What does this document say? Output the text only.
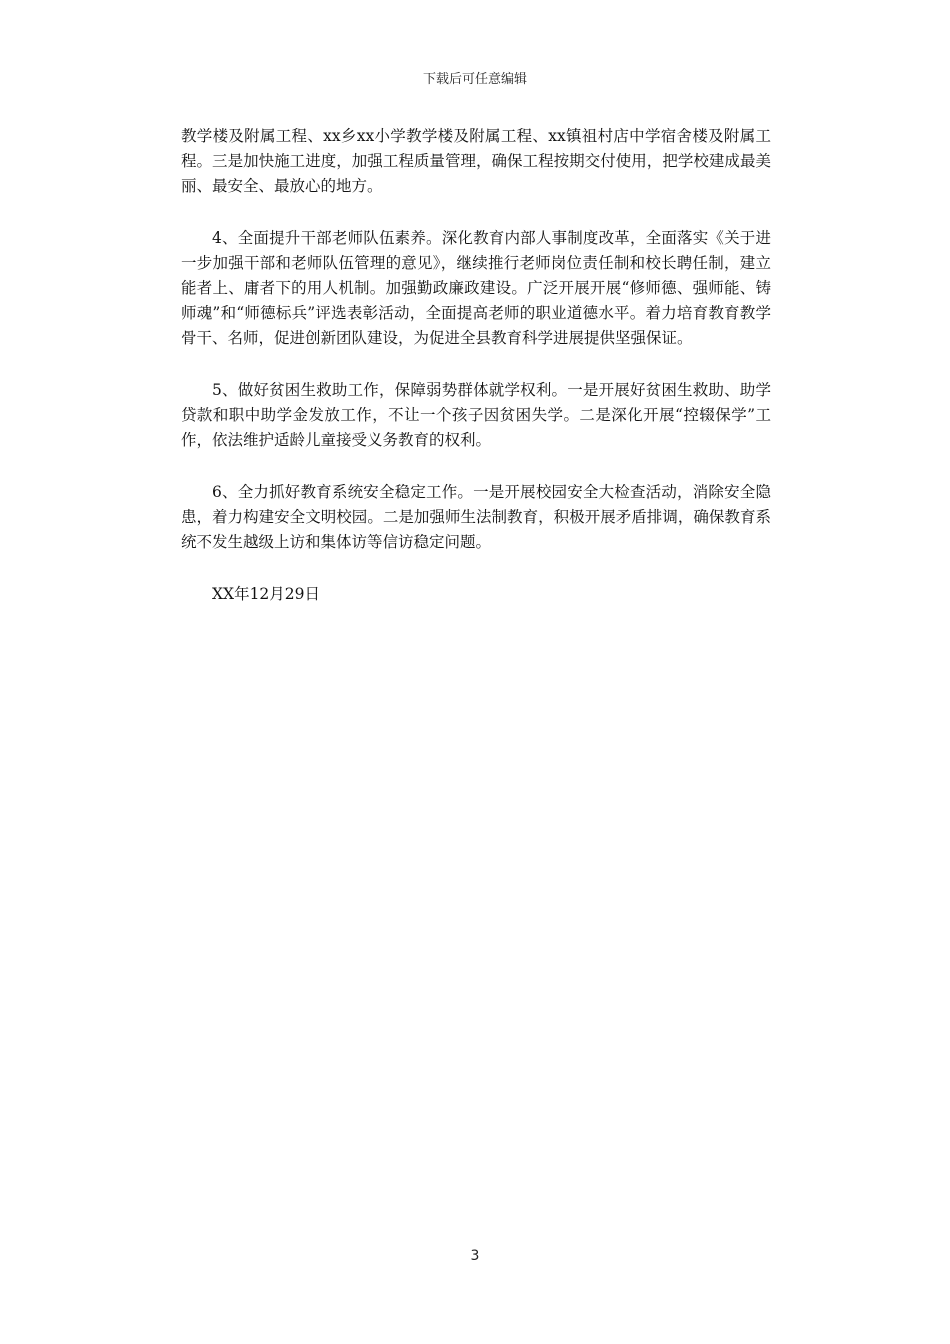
下载后可任意编辑

教学楼及附属工程、xx乡xx小学教学楼及附属工程、xx镇祖村店中学宿舍楼及附属工程。三是加快施工进度，加强工程质量管理，确保工程按期交付使用，把学校建成最美丽、最安全、最放心的地方。

4、全面提升干部老师队伍素养。深化教育内部人事制度改革，全面落实《关于进一步加强干部和老师队伍管理的意见》，继续推行老师岗位责任制和校长聘任制，建立能者上、庸者下的用人机制。加强勤政廉政建设。广泛开展开展“修师德、强师能、铸师魂”和“师德标兵”评选表彰活动，全面提高老师的职业道德水平。着力培育教育教学骨干、名师，促进创新团队建设，为促进全县教育科学进展提供坚强保证。

5、做好贫困生救助工作，保障弱势群体就学权利。一是开展好贫困生救助、助学贷款和职中助学金发放工作，不让一个孩子因贫困失学。二是深化开展“控辍保学”工作，依法维护适龄儿童接受义务教育的权利。

6、全力抓好教育系统安全稳定工作。一是开展校园安全大检查活动，消除安全隐患，着力构建安全文明校园。二是加强师生法制教育，积极开展矛盾排调，确保教育系统不发生越级上访和集体访等信访稳定问题。

XX年12月29日

3
